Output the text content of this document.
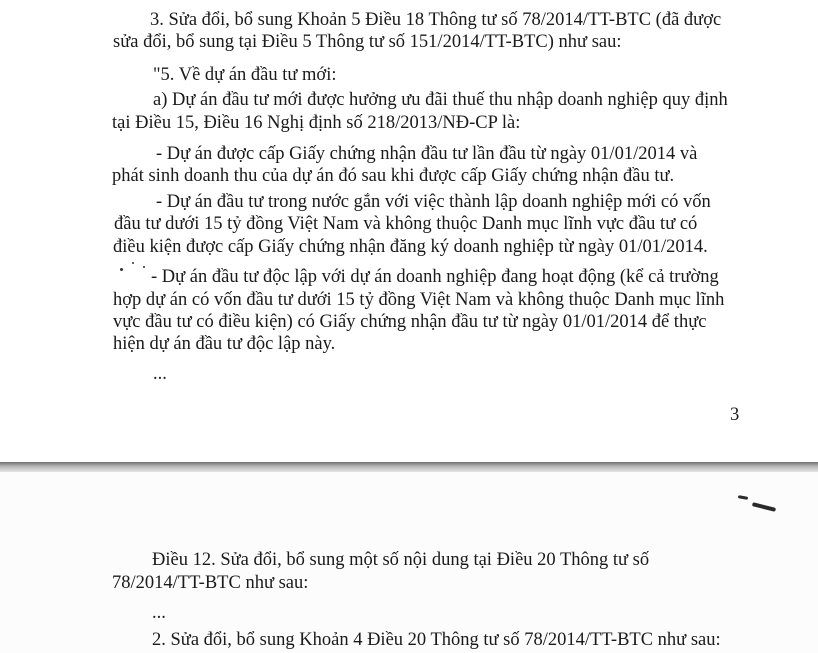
3. Sửa đổi, bổ sung Khoản 5 Điều 18 Thông tư số 78/2014/TT-BTC (đã được
sửa đổi, bổ sung tại Điều 5 Thông tư số 151/2014/TT-BTC) như sau:
"5. Về dự án đầu tư mới:
a) Dự án đầu tư mới được hưởng ưu đãi thuế thu nhập doanh nghiệp quy định
tại Điều 15, Điều 16 Nghị định số 218/2013/NĐ-CP là:
- Dự án được cấp Giấy chứng nhận đầu tư lần đầu từ ngày 01/01/2014 và
phát sinh doanh thu của dự án đó sau khi được cấp Giấy chứng nhận đầu tư.
- Dự án đầu tư trong nước gắn với việc thành lập doanh nghiệp mới có vốn
đầu tư dưới 15 tỷ đồng Việt Nam và không thuộc Danh mục lĩnh vực đầu tư có
điều kiện được cấp Giấy chứng nhận đăng ký doanh nghiệp từ ngày 01/01/2014.
- Dự án đầu tư độc lập với dự án doanh nghiệp đang hoạt động (kể cả trường
hợp dự án có vốn đầu tư dưới 15 tỷ đồng Việt Nam và không thuộc Danh mục lĩnh
vực đầu tư có điều kiện) có Giấy chứng nhận đầu tư từ ngày 01/01/2014 để thực
hiện dự án đầu tư độc lập này.
...
3
Điều 12. Sửa đổi, bổ sung một số nội dung tại Điều 20 Thông tư số
78/2014/TT-BTC như sau:
...
2. Sửa đổi, bổ sung Khoản 4 Điều 20 Thông tư số 78/2014/TT-BTC như sau:
